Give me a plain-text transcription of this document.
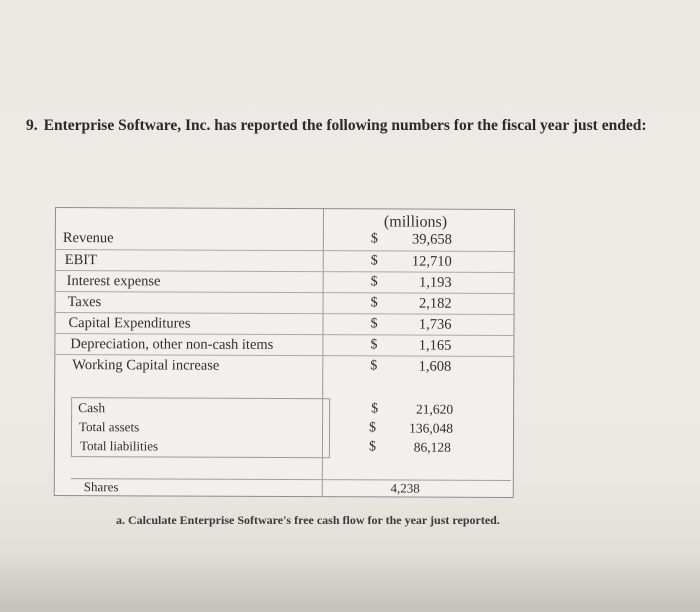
9. Enterprise Software, Inc. has reported the following numbers for the fiscal year just ended:
(millions)
Revenue	$ 39,658
EBIT	$ 12,710
Interest expense	$	1,193
Taxes	$	2,182
Capital Expenditures	$	1,736
Depreciation, other non-cash items	$	1,165
Working Capital increase	$	1,608
Cash	$	21,620
Total assets	$ 136,048
Total liabilities	$	86,128
Shares	4,238
a. Calculate Enterprise Software's free cash flow for the year just reported.
